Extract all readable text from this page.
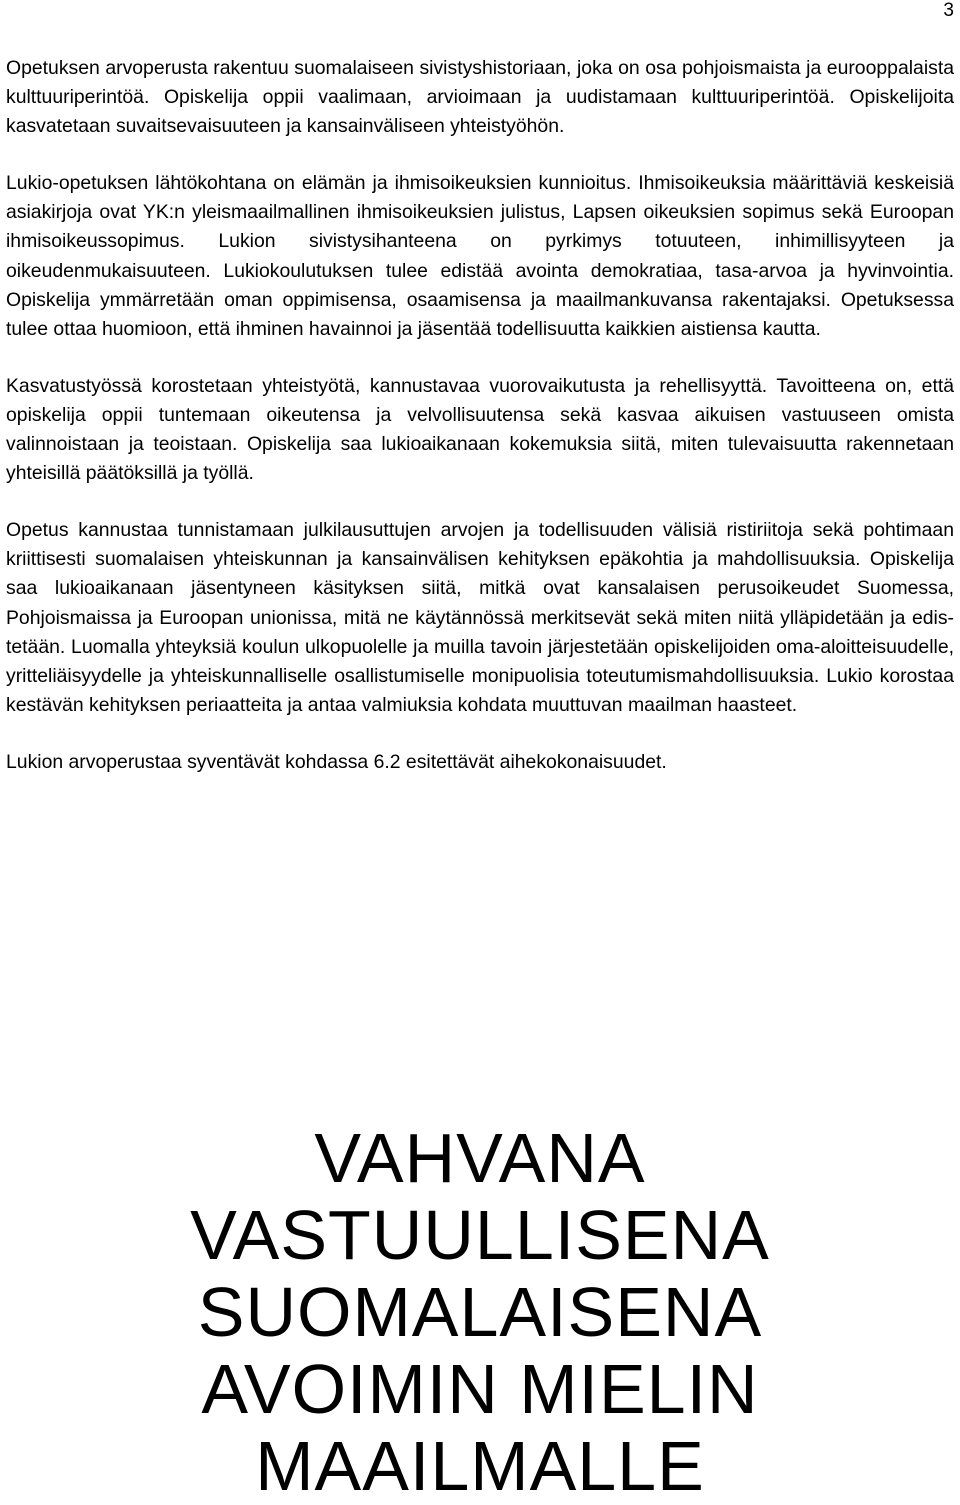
3

Opetuksen arvoperusta rakentuu suomalaiseen sivistyshistoriaan, joka on osa pohjoismaista ja eurooppalaista kulttuuriperintöä. Opiskelija oppii vaalimaan, arvioimaan ja uudistamaan kulttuuriperintöä. Opiskelijoita kasvatetaan suvaitsevaisuuteen ja kansainväliseen yhteistyöhön.

Lukio-opetuksen lähtökohtana on elämän ja ihmisoikeuksien kunnioitus. Ihmisoikeuksia määrittäviä keskeisiä asiakirjoja ovat YK:n yleismaailmallinen ihmisoikeuksien julistus, Lapsen oikeuksien sopimus sekä Euroopan ihmisoikeussopimus. Lukion sivistysihanteena on pyrkimys totuuteen, inhimillisyyteen ja oikeudenmukaisuuteen. Lukiokoulutuksen tulee edistää avointa demokratiaa, tasa-arvoa ja hyvinvointia. Opiskelija ymmärretään oman oppimisensa, osaamisensa ja maailmankuvansa rakentajaksi. Opetuksessa tulee ottaa huomioon, että ihminen havainnoi ja jäsentää todellisuutta kaikkien aistiensa kautta.

Kasvatustyössä korostetaan yhteistyötä, kannustavaa vuorovaikutusta ja rehellisyyttä. Tavoitteena on, että opiskelija oppii tuntemaan oikeutensa ja velvollisuutensa sekä kasvaa aikuisen vastuuseen omista valinnoistaan ja teoistaan. Opiskelija saa lukioaikanaan kokemuksia siitä, miten tulevaisuutta rakennetaan yhteisillä päätöksillä ja työllä.

Opetus kannustaa tunnistamaan julkilausuttujen arvojen ja todellisuuden välisiä ristiriitoja sekä pohtimaan kriittisesti suomalaisen yhteiskunnan ja kansainvälisen kehityksen epäkohtia ja mahdollisuuksia. Opiskelija saa lukioaikanaan jäsentyneen käsityksen siitä, mitkä ovat kansalaisen perusoikeudet Suomessa, Pohjoismaissa ja Euroopan unionissa, mitä ne käytännössä merkitsevät sekä miten niitä ylläpidetään ja edistetään. Luomalla yhteyksiä koulun ulkopuolelle ja muilla tavoin järjestetään opiskelijoiden oma-aloitteisuudelle, yritteliäisyydelle ja yhteiskunnalliselle osallistumiselle monipuolisia toteutumismahdollisuuksia. Lukio korostaa kestävän kehityksen periaatteita ja antaa valmiuksia kohdata muuttuvan maailman haasteet.

Lukion arvoperustaa syventävät kohdassa 6.2 esitettävät aihekokonaisuudet.

VAHVANA
VASTUULLISENA
SUOMALAISENA
AVOIMIN MIELIN
MAAILMALLE
